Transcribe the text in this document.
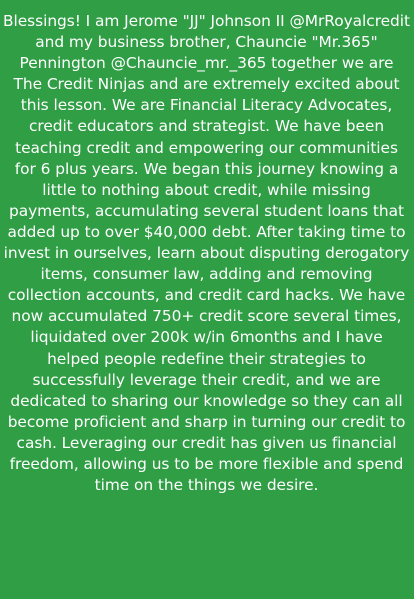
Blessings! I am Jerome "JJ" Johnson II @MrRoyalcredit and my business brother, Chauncie "Mr.365" Pennington @Chauncie_mr._365 together we are The Credit Ninjas and are extremely excited about this lesson. We are Financial Literacy Advocates, credit educators and strategist. We have been teaching credit and empowering our communities for 6 plus years. We began this journey knowing a little to nothing about credit, while missing payments, accumulating several student loans that added up to over $40,000 debt. After taking time to invest in ourselves, learn about disputing derogatory items, consumer law, adding and removing collection accounts, and credit card hacks. We have now accumulated 750+ credit score several times, liquidated over 200k w/in 6months and I have helped people redefine their strategies to successfully leverage their credit, and we are dedicated to sharing our knowledge so they can all become proficient and sharp in turning our credit to cash. Leveraging our credit has given us financial freedom, allowing us to be more flexible and spend time on the things we desire.
